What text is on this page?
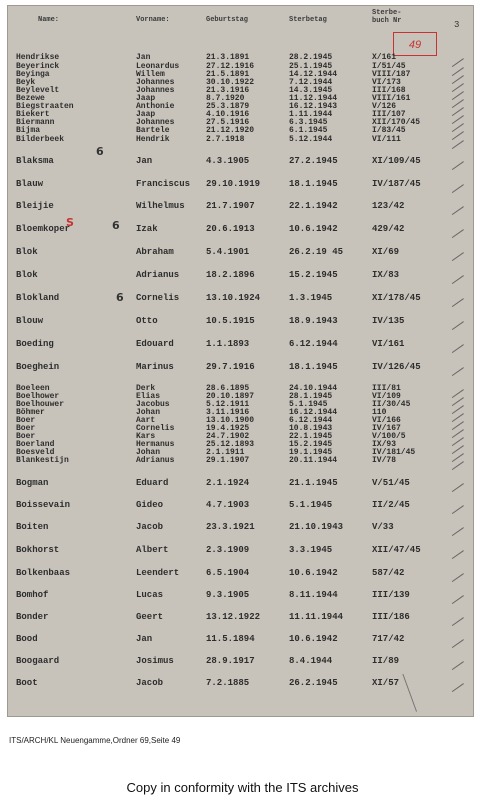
Name:	Vorname:	Geburtstag	Sterbetag
Sterbe-
buch Nr	3
49
Hendrikse	Jan	21.3.1891	28.2.1945	X/161
Beyerinck	Leonardus	27.12.1916	25.1.1945	I/51/45
Beyinga	Willem	21.5.1891	14.12.1944	VIII/187
Beyk	Johannes	30.10.1922	7.12.1944	VI/173
Beylevelt	Johannes	21.3.1916	14.3.1945	III/168
Bezewe	Jaap	8.7.1920	11.12.1944	VIII/161
Biegstraaten	Anthonie	25.3.1879	16.12.1943	V/126
Biekert	Jaap	4.10.1916	1.11.1944	III/107
Biermann	Johannes	27.5.1916	6.3.1945	XII/170/45
Bijma	Bartele	21.12.1920	6.1.1945	I/83/45
Bilderbeek	Hendrik	2.7.1918	5.12.1944	VI/111
Blaksma	Jan	4.3.1905	27.2.1945	XI/109/45
Blauw	Franciscus	29.10.1919	18.1.1945	IV/187/45
Bleijie	Wilhelmus	21.7.1907	22.1.1942	123/42
Bloemkoper	Izak	20.6.1913	10.6.1942	429/42
Blok	Abraham	5.4.1901	26.2.19 45	XI/69
Blok	Adrianus	18.2.1896	15.2.1945	IX/83
Blokland	Cornelis	13.10.1924	1.3.1945	XI/178/45
Blouw	Otto	10.5.1915	18.9.1943	IV/135
Boeding	Edouard	1.1.1893	6.12.1944	VI/161
Boeghein	Marinus	29.7.1916	18.1.1945	IV/126/45
Boeleen	Derk	28.6.1895	24.10.1944	III/81
Boelhower	Elias	20.10.1897	28.1.1945	VI/109
Boelhouwer	Jacobus	5.12.1911	5.1.1945	II/30/45
Böhmer	Johan	3.11.1916	16.12.1944	110
Boer	Aart	13.10.1900	6.12.1944	VI/166
Boer	Cornelis	19.4.1925	10.8.1943	IV/167
Boer	Kars	24.7.1902	22.1.1945	V/100/5
Boerland	Hermanus	25.12.1893	15.2.1945	IX/93
Boesveld	Johan	2.1.1911	19.1.1945	IV/181/45
Blankestijn	Adrianus	29.1.1907	20.11.1944	IV/78
Bogman	Eduard	2.1.1924	21.1.1945	V/51/45
Boissevain	Gideo	4.7.1903	5.1.1945	II/2/45
Boiten	Jacob	23.3.1921	21.10.1943	V/33
Bokhorst	Albert	2.3.1909	3.3.1945	XII/47/45
Bolkenbaas	Leendert	6.5.1904	10.6.1942	587/42
Bomhof	Lucas	9.3.1905	8.11.1944	III/139
Bonder	Geert	13.12.1922	11.11.1944	III/186
Bood	Jan	11.5.1894	10.6.1942	717/42
Boogaard	Josimus	28.9.1917	8.4.1944	II/89
Boot	Jacob	7.2.1885	26.2.1945	XI/57
6
S	6
6
ITS/ARCH/KL Neuengamme,Ordner 69,Seite 49
Copy in conformity with the ITS archives
